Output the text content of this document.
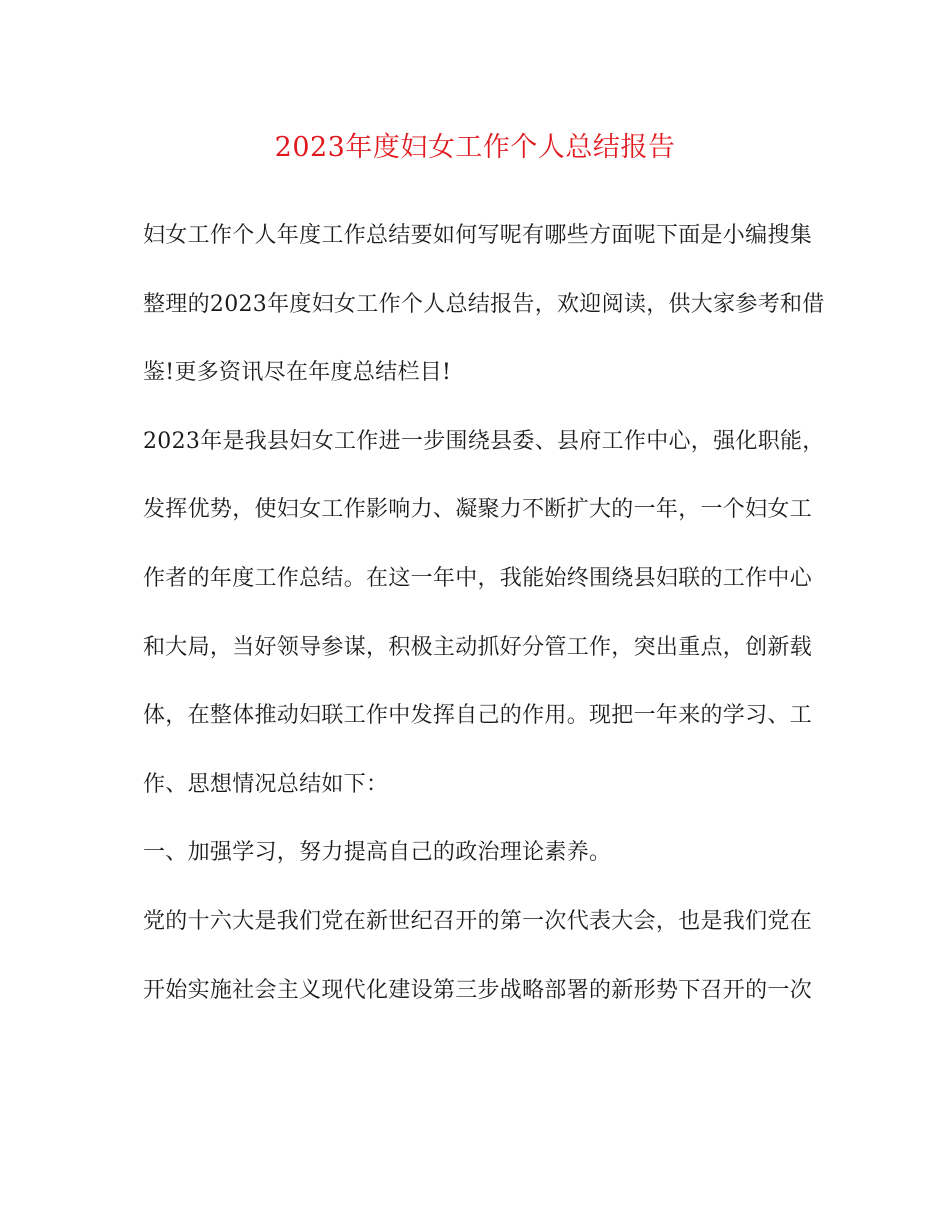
2023年度妇女工作个人总结报告
妇女工作个人年度工作总结要如何写呢有哪些方面呢下面是小编搜集
整理的2023年度妇女工作个人总结报告，欢迎阅读，供大家参考和借
鉴!更多资讯尽在年度总结栏目!
2023年是我县妇女工作进一步围绕县委、县府工作中心，强化职能，
发挥优势，使妇女工作影响力、凝聚力不断扩大的一年，一个妇女工
作者的年度工作总结。在这一年中，我能始终围绕县妇联的工作中心
和大局，当好领导参谋，积极主动抓好分管工作，突出重点，创新载
体，在整体推动妇联工作中发挥自己的作用。现把一年来的学习、工
作、思想情况总结如下：
一、加强学习，努力提高自己的政治理论素养。
党的十六大是我们党在新世纪召开的第一次代表大会，也是我们党在
开始实施社会主义现代化建设第三步战略部署的新形势下召开的一次
